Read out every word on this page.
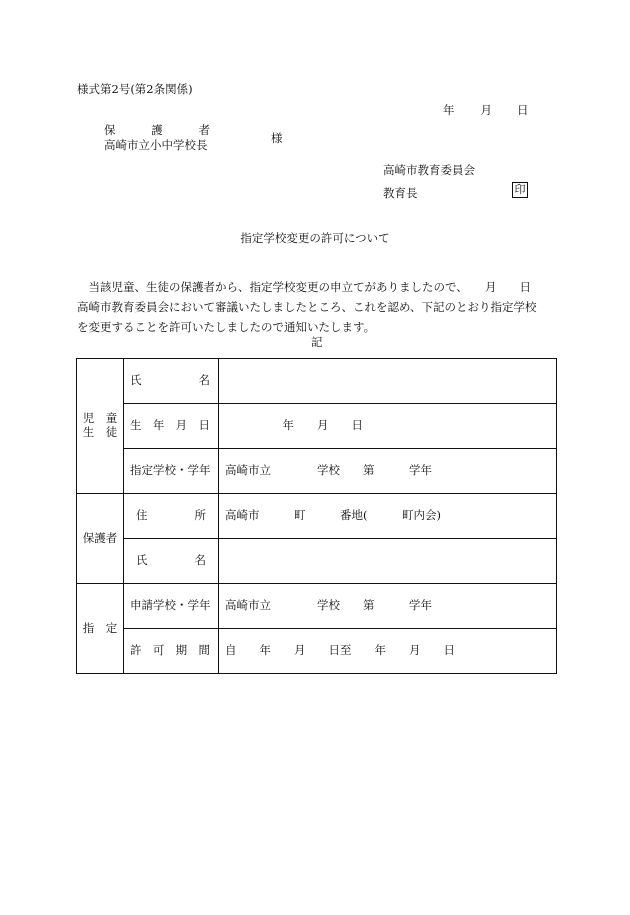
様式第2号(第2条関係)
年 月 日
保	護	者
高崎市立小中学校長	様
高崎市教育委員会
教育長	印
指定学校変更の許可について

　当該児童、生徒の保護者から、指定学校変更の申立てがありましたので、　　月　　日

高崎市教育委員会において審議いたしましたところ、これを認め、下記のとおり指定学校

を変更することを許可いたしましたので通知いたします。

記
児　童
生　徒	氏 名	

	生 年 月 日	　　　　　年　　月　　日
	指定学校・学年	高崎市立　　　　学校　　第　　　学年
保護者	住 所	高崎市　　　町　　　番地(　　　町内会)

	氏 名	

指　定	申請学校・学年	高崎市立　　　　学校　　第　　　学年

	許 可 期 間	自　　年　　月　　日至　　年　　月　　日
